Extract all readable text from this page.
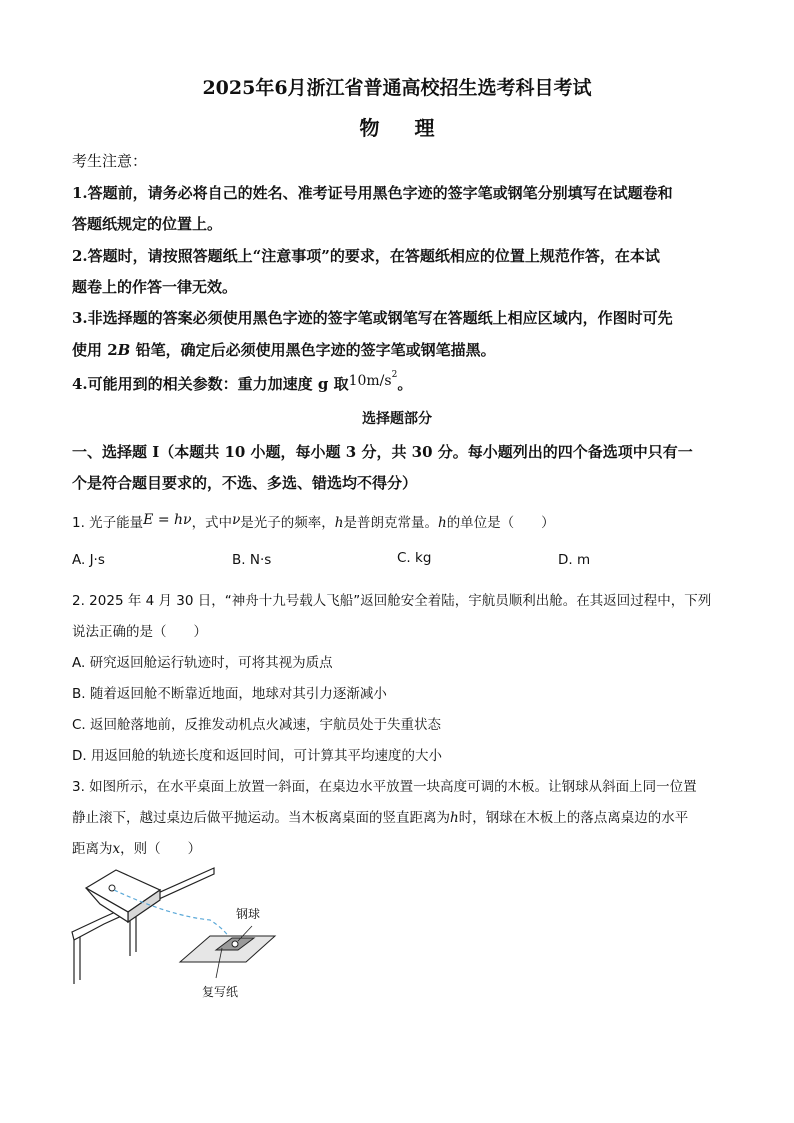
2025年6月浙江省普通高校招生选考科目考试
物 理
考生注意：
1.答题前，请务必将自己的姓名、准考证号用黑色字迹的签字笔或钢笔分别填写在试题卷和
答题纸规定的位置上。
2.答题时，请按照答题纸上“注意事项”的要求，在答题纸相应的位置上规范作答，在本试
题卷上的作答一律无效。
3.非选择题的答案必须使用黑色字迹的签字笔或钢笔写在答题纸上相应区域内，作图时可先
使用 2B 铅笔，确定后必须使用黑色字迹的签字笔或钢笔描黑。
4.可能用到的相关参数：重力加速度 g 取$10m/s^2$。
选择题部分
一、选择题 I（本题共 10 小题，每小题 3 分，共 30 分。每小题列出的四个备选项中只有一
个是符合题目要求的，不选、多选、错选均不得分）
1. 光子能量E = hν，式中ν是光子的频率，h是普朗克常量。h的单位是（　　）
A. J·s	B. N·s	C. kg	D. m
2. 2025 年 4 月 30 日，“神舟十九号载人飞船”返回舱安全着陆，宇航员顺利出舱。在其返回过程中，下列
说法正确的是（　　）
A. 研究返回舱运行轨迹时，可将其视为质点
B. 随着返回舱不断靠近地面，地球对其引力逐渐减小
C. 返回舱落地前，反推发动机点火减速，宇航员处于失重状态
D. 用返回舱的轨迹长度和返回时间，可计算其平均速度的大小
3. 如图所示，在水平桌面上放置一斜面，在桌边水平放置一块高度可调的木板。让钢球从斜面上同一位置
静止滚下，越过桌边后做平抛运动。当木板离桌面的竖直距离为h时，钢球在木板上的落点离桌边的水平
距离为x，则（　　）
钢球
复写纸
